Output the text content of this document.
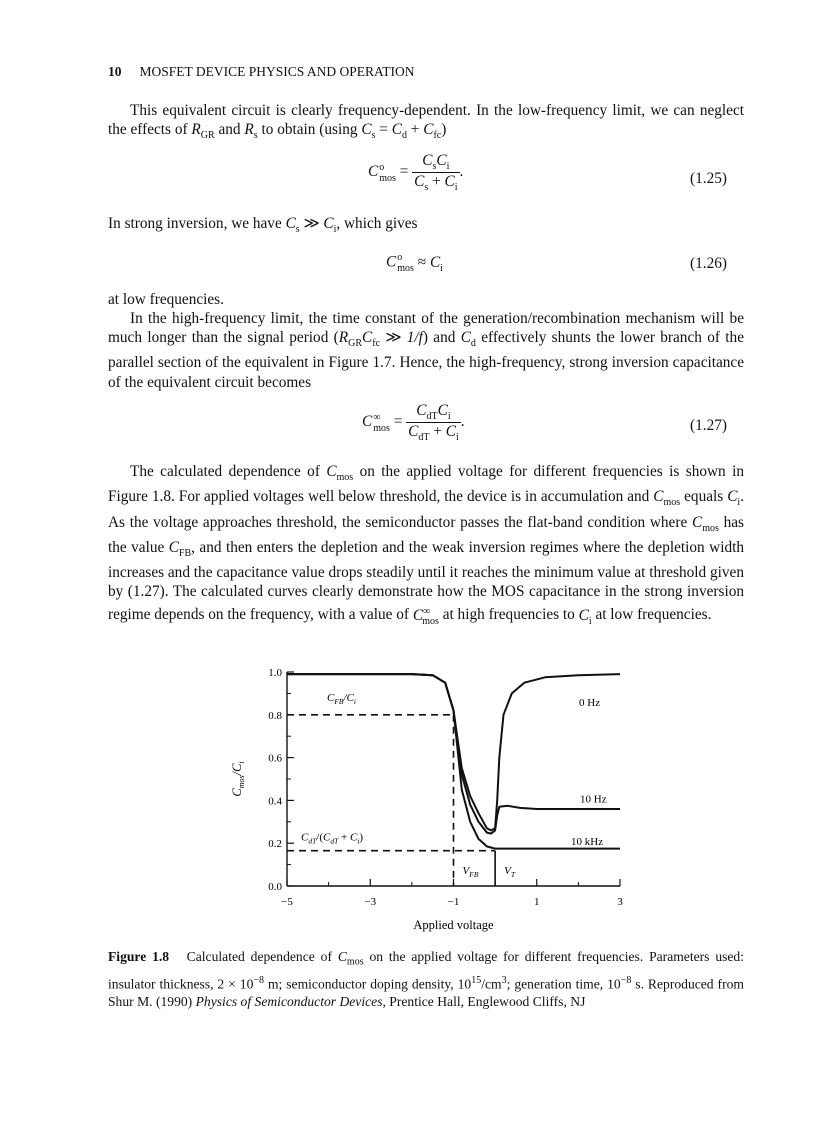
10 MOSFET DEVICE PHYSICS AND OPERATION
This equivalent circuit is clearly frequency-dependent. In the low-frequency limit, we can neglect the effects of $R_{GR}$ and $R_s$ to obtain (using $C_s = C_d + C_{fc}$)
C o
mos = $\frac{C_sC_i}{C_s + C_i}$ .	(1.25)
In strong inversion, we have $C_s$ ≫ $C_i$, which gives
C o
mos ≈ $C_i$	(1.26)
at low frequencies.
In the high-frequency limit, the time constant of the generation/recombination mechanism will be much longer than the signal period ($R_{GR}C_{fc}$ ≫ 1/f) and $C_d$ effectively shunts the lower branch of the parallel section of the equivalent in Figure 1.7. Hence, the high-frequency, strong inversion capacitance of the equivalent circuit becomes
C ∞
mos = $\frac{C_{dT}C_i}{C_{dT} + C_i}$ .	(1.27)
The calculated dependence of $C_{mos}$ on the applied voltage for different frequencies is shown in Figure 1.8. For applied voltages well below threshold, the device is in accumulation and $C_{mos}$ equals $C_i$. As the voltage approaches threshold, the semiconductor passes the flat-band condition where $C_{mos}$ has the value $C_{FB}$, and then enters the depletion and the weak inversion regimes where the depletion width increases and the capacitance value drops steadily until it reaches the minimum value at threshold given by (1.27). The calculated curves clearly demonstrate how the MOS capacitance in the strong inversion regime depends on the frequency, with a value of $C^\infty_{mos}$ at high frequencies to $C_i$ at low frequencies.
0.0
0.2
0.4
0.6
0.8
1.0
−5	−3	−1	1	3
Applied voltage
$C_{mos}/C_i$
0 Hz
10 Hz
10 kHz
$C_{FB}/C_i$
$C_{dT}/(C_{dT} + C_i)$
$V_{FB}$ $V_T$
Figure 1.8 Calculated dependence of $C_{mos}$ on the applied voltage for different frequencies. Parameters used: insulator thickness, $2 \times 10^{-8}$ m; semiconductor doping density, $10^{15}/cm^3$; generation time, $10^{-8}$ s. Reproduced from Shur M. (1990) Physics of Semiconductor Devices, Prentice Hall, Englewood Cliffs, NJ
